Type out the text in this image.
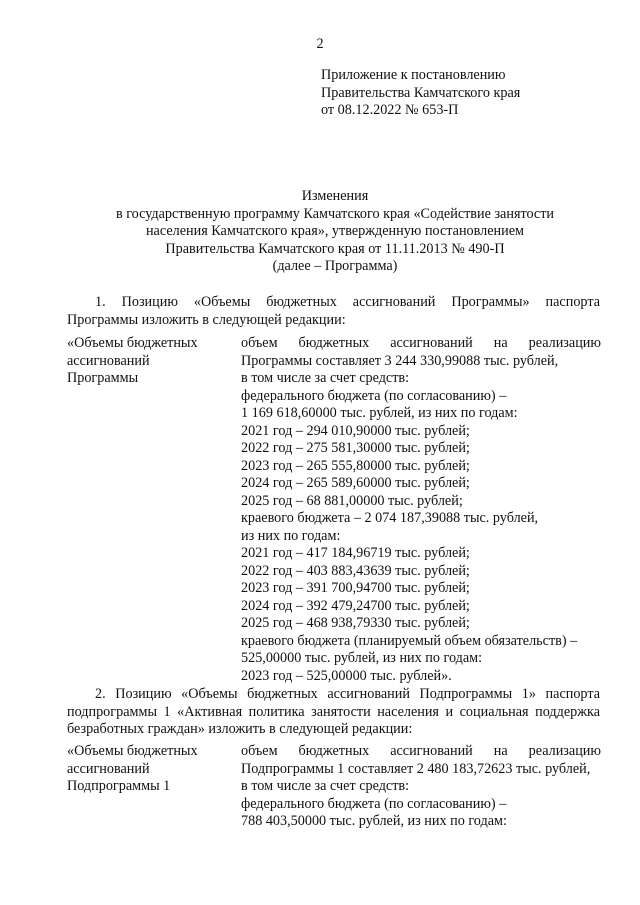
2
Приложение к постановлению
Правительства Камчатского края
от 08.12.2022 № 653-П
Изменения
в государственную программу Камчатского края «Содействие занятости
населения Камчатского края», утвержденную постановлением
Правительства Камчатского края от 11.11.2013 № 490-П
(далее – Программа)
1. Позицию «Объемы бюджетных ассигнований Программы» паспорта
Программы изложить в следующей редакции:
«Объемы бюджетных
ассигнований
Программы
объем бюджетных ассигнований на реализацию
Программы составляет 3 244 330,99088 тыс. рублей,
в том числе за счет средств:
федерального бюджета (по согласованию) –
1 169 618,60000 тыс. рублей, из них по годам:
2021 год – 294 010,90000 тыс. рублей;
2022 год – 275 581,30000 тыс. рублей;
2023 год – 265 555,80000 тыс. рублей;
2024 год – 265 589,60000 тыс. рублей;
2025 год – 68 881,00000 тыс. рублей;
краевого бюджета – 2 074 187,39088 тыс. рублей,
из них по годам:
2021 год – 417 184,96719 тыс. рублей;
2022 год – 403 883,43639 тыс. рублей;
2023 год – 391 700,94700 тыс. рублей;
2024 год – 392 479,24700 тыс. рублей;
2025 год – 468 938,79330 тыс. рублей;
краевого бюджета (планируемый объем обязательств) –
525,00000 тыс. рублей, из них по годам:
2023 год – 525,00000 тыс. рублей».
2. Позицию «Объемы бюджетных ассигнований Подпрограммы 1» паспорта
подпрограммы 1 «Активная политика занятости населения и социальная поддержка
безработных граждан» изложить в следующей редакции:
«Объемы бюджетных
ассигнований
Подпрограммы 1
объем бюджетных ассигнований на реализацию
Подпрограммы 1 составляет 2 480 183,72623 тыс. рублей,
в том числе за счет средств:
федерального бюджета (по согласованию) –
788 403,50000 тыс. рублей, из них по годам:
